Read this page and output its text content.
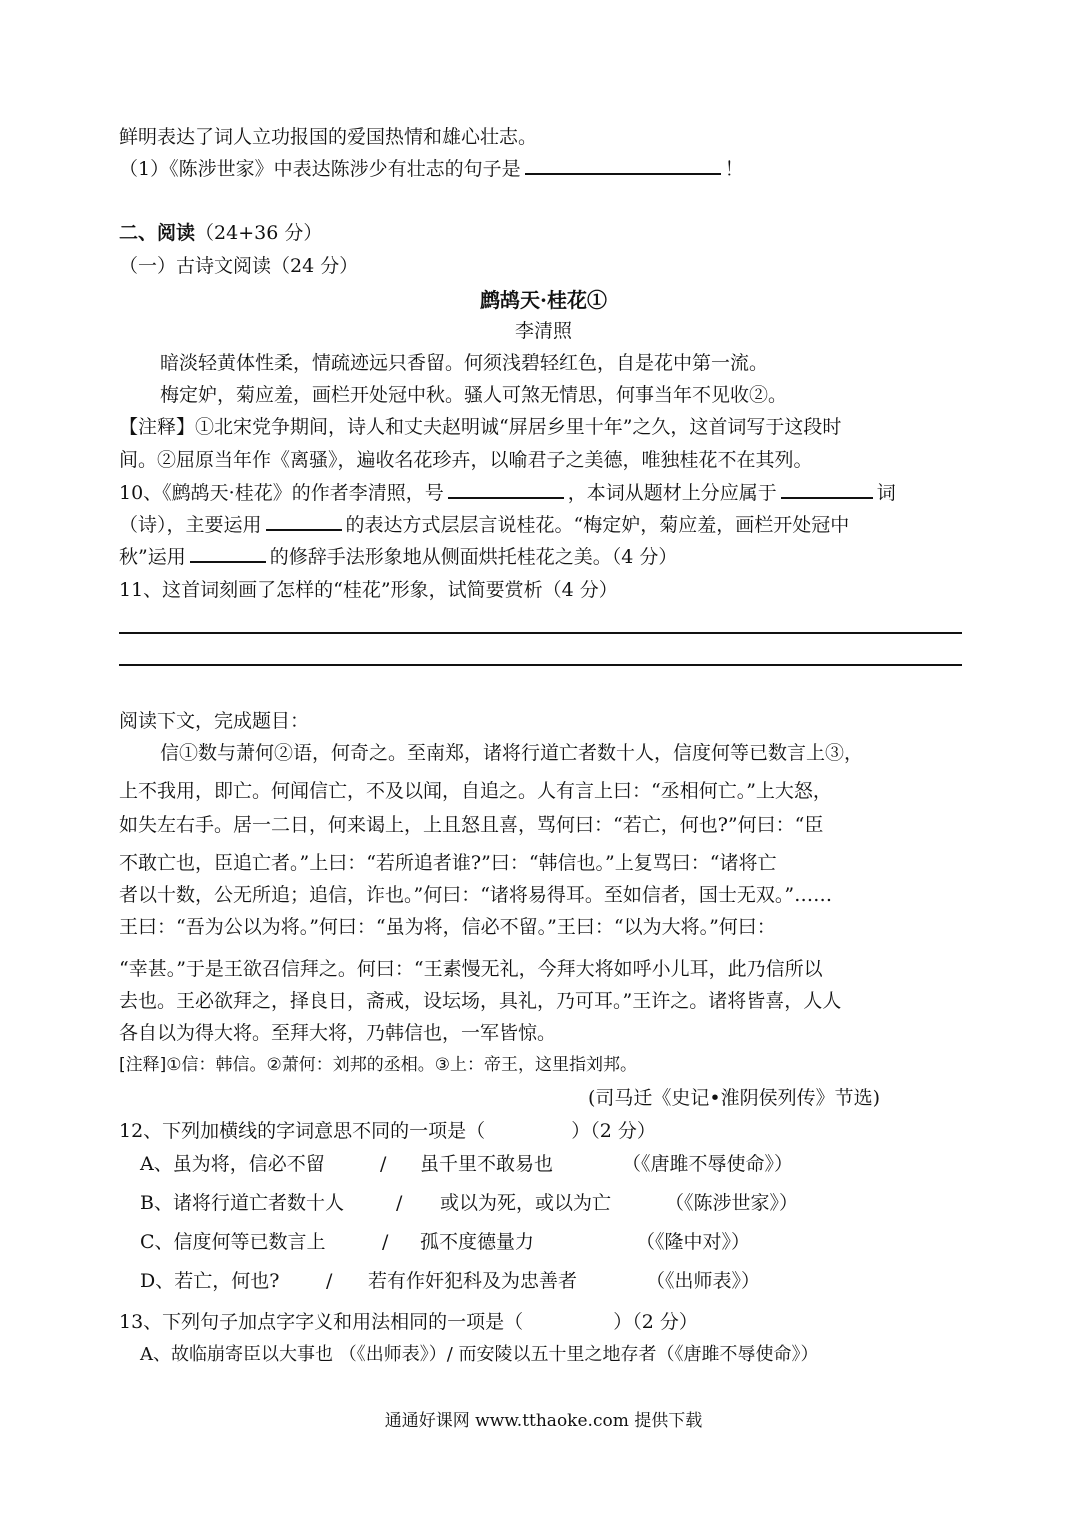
鲜明表达了词人立功报国的爱国热情和雄心壮志。
（1）《陈涉世家》中表达陈涉少有壮志的句子是	！
二、阅读（24+36 分）
（一）古诗文阅读（24 分）
鹧鸪天·桂花①
李清照
暗淡轻黄体性柔，情疏迹远只香留。何须浅碧轻红色，自是花中第一流。
梅定妒，菊应羞，画栏开处冠中秋。骚人可煞无情思，何事当年不见收②。
【注释】①北宋党争期间，诗人和丈夫赵明诚“屏居乡里十年”之久，这首词写于这段时
间。②屈原当年作《离骚》，遍收名花珍卉，以喻君子之美德，唯独桂花不在其列。
10、《鹧鸪天·桂花》的作者李清照，号	，本词从题材上分应属于	词
（诗），主要运用	的表达方式层层言说桂花。“梅定妒，菊应羞，画栏开处冠中
秋”运用	的修辞手法形象地从侧面烘托桂花之美。（4 分）
11、这首词刻画了怎样的“桂花”形象，试简要赏析（4 分）
阅读下文，完成题目：
信①数与萧何②语，何奇之。至南郑，诸将行道亡者数十人，信度何等已数言上③，
上不我用，即亡。何闻信亡，不及以闻，自追之。人有言上曰：“丞相何亡。”上大怒，
如失左右手。居一二日，何来谒上，上且怒且喜，骂何曰：“若亡，何也?”何曰：“臣
不敢亡也，臣追亡者。”上曰：“若所追者谁?”曰：“韩信也。”上复骂曰：“诸将亡
者以十数，公无所追；追信，诈也。”何曰：“诸将易得耳。至如信者，国士无双。”……
王曰：“吾为公以为将。”何曰：“虽为将，信必不留。”王曰：“以为大将。”何曰：
“幸甚。”于是王欲召信拜之。何曰：“王素慢无礼，今拜大将如呼小儿耳，此乃信所以
去也。王必欲拜之，择良日，斋戒，设坛场，具礼，乃可耳。”王许之。诸将皆喜，人人
各自以为得大将。至拜大将，乃韩信也，一军皆惊。
[注释]①信：韩信。②萧何：刘邦的丞相。③上：帝王，这里指刘邦。
(司马迁《史记•淮阴侯列传》节选)
12、下列加横线的字词意思不同的一项是（	）（2 分）
A、虽为将，信必不留	/ 虽千里不敢易也	（《唐雎不辱使命》）
B、诸将行道亡者数十人	/ 或以为死，或以为亡	（《陈涉世家》）
C、信度何等已数言上	/ 孤不度德量力	（《隆中对》）
D、若亡，何也? / 若有作奸犯科及为忠善者	（《出师表》）
13、下列句子加点字字义和用法相同的一项是（	）（2 分）
A、故临崩寄臣以大事也 （《出师表》）/ 而安陵以五十里之地存者（《唐雎不辱使命》）
通通好课网 www.tthaoke.com 提供下载
